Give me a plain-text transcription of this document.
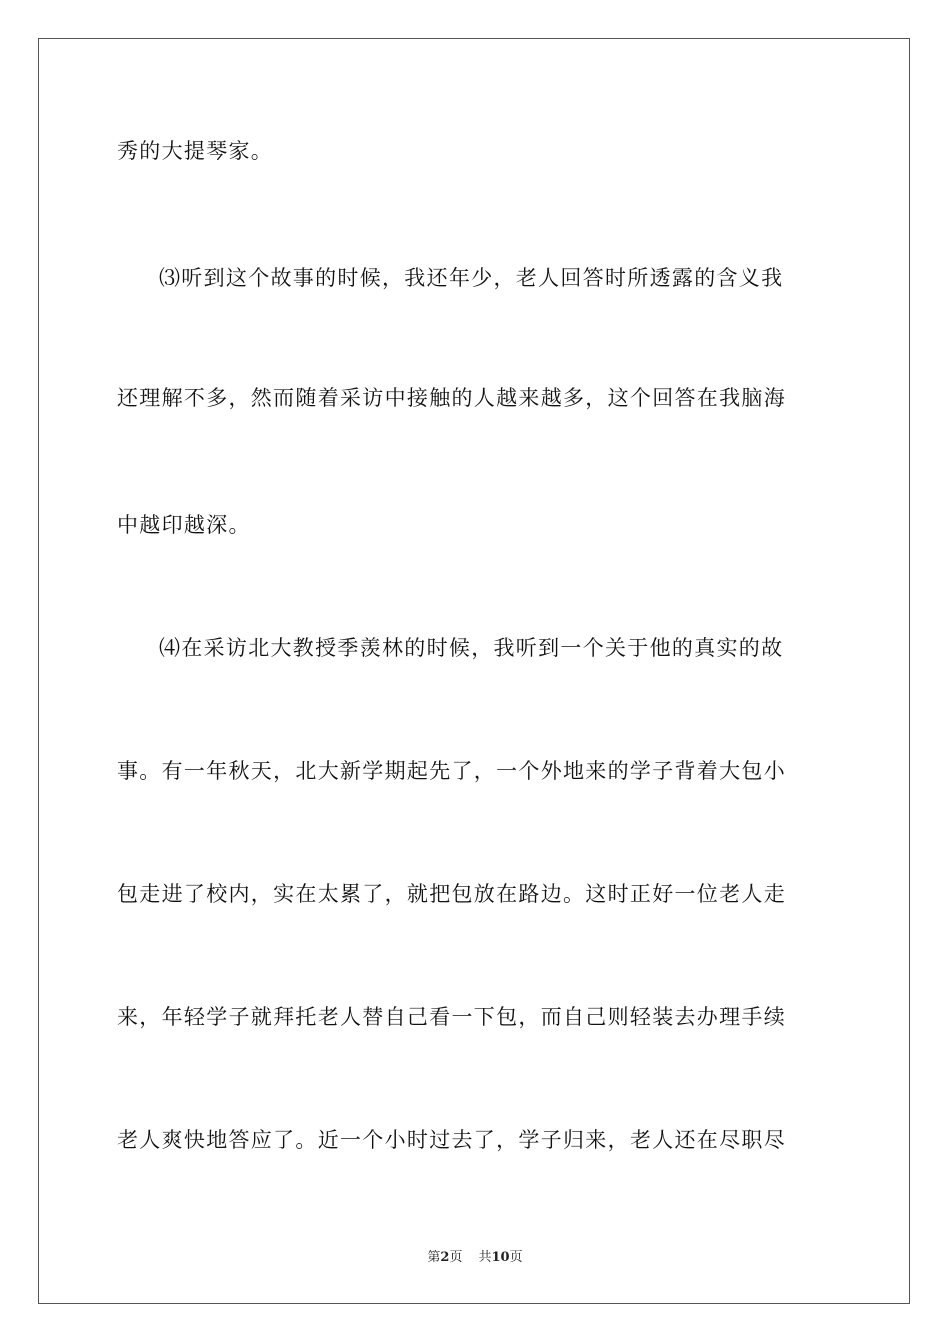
秀的大提琴家。
⑶听到这个故事的时候，我还年少，老人回答时所透露的含义我
还理解不多，然而随着采访中接触的人越来越多，这个回答在我脑海
中越印越深。
⑷在采访北大教授季羡林的时候，我听到一个关于他的真实的故
事。有一年秋天，北大新学期起先了，一个外地来的学子背着大包小
包走进了校内，实在太累了，就把包放在路边。这时正好一位老人走
来，年轻学子就拜托老人替自己看一下包，而自己则轻装去办理手续
老人爽快地答应了。近一个小时过去了，学子归来，老人还在尽职尽
第2页 共10页
